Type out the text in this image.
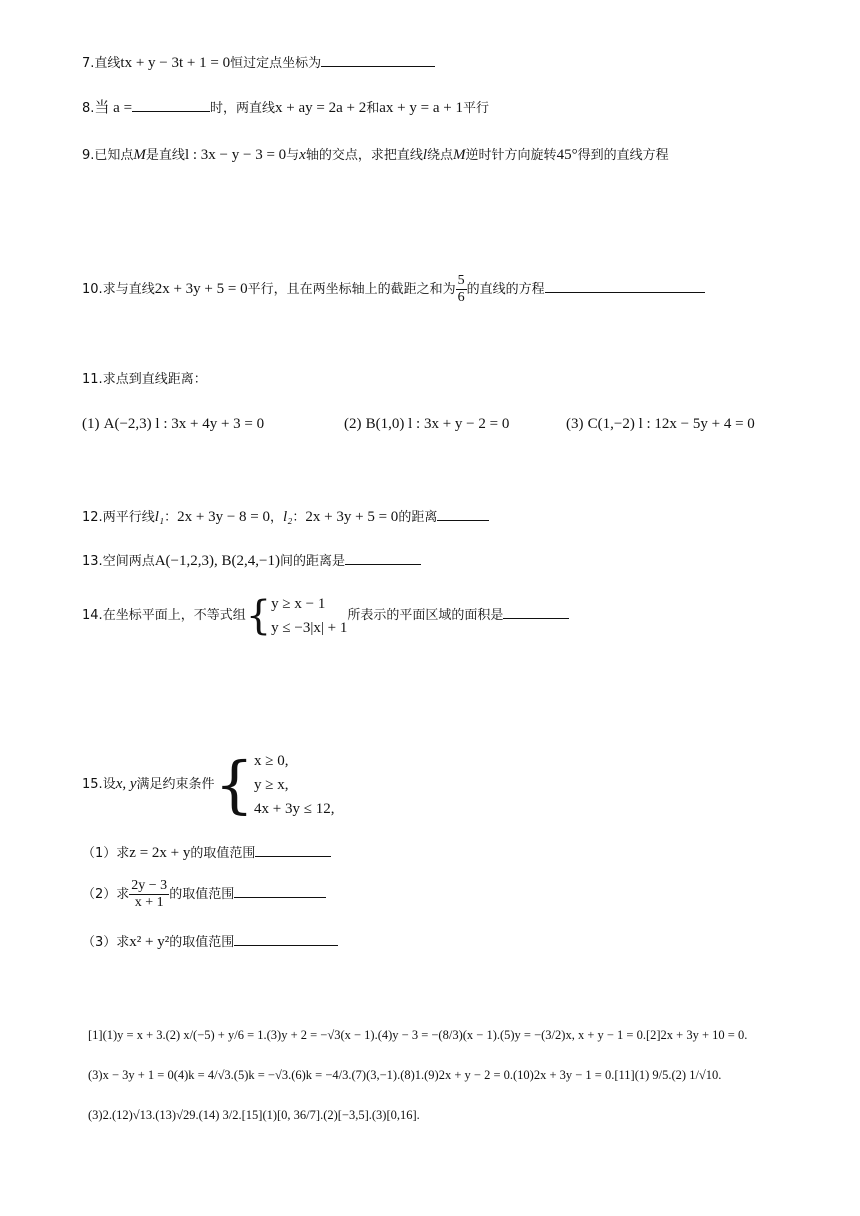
7.直线tx + y − 3t + 1 = 0恒过定点坐标为
8.当 a =	时，两直线x + ay = 2a + 2和ax + y = a + 1平行
9.已知点M是直线l : 3x − y − 3 = 0与x轴的交点，求把直线l绕点M逆时针方向旋转45°得到的直线方程
10.求与直线2x + 3y + 5 = 0平行，且在两坐标轴上的截距之和为 $\frac{5}{6}$ 的直线的方程
11.求点到直线距离：
(1) A(−2,3) l : 3x + 4y + 3 = 0	(2) B(1,0) l : 3x + y − 2 = 0	(3) C(1,−2) l : 12x − 5y + 4 = 0
12.两平行线l₁：2x + 3y − 8 = 0，l₂：2x + 3y + 5 = 0的距离
13.空间两点A(−1,2,3), B(2,4,−1)间的距离是
14.在坐标平面上，不等式组{ y ≥ x − 1
y ≤ −3|x| + 1
所表示的平面区域的面积是
15.设x, y满足约束条件{ x ≥ 0,
y ≥ x,
4x + 3y ≤ 12,
（1）求z = 2x + y的取值范围
（2）求 $\frac{2y - 3}{x + 1}$ 的取值范围
（3）求x² + y²的取值范围
[1](1)y = x + 3.(2) x/(−5) + y/6 = 1.(3)y + 2 = −√3(x − 1).(4)y − 3 = −(8/3)(x − 1).(5)y = −(3/2)x, x + y − 1 = 0.[2]2x + 3y + 10 = 0.
(3)x − 3y + 1 = 0(4)k = 4/√3.(5)k = −√3.(6)k = −4/3.(7)(3,−1).(8)1.(9)2x + y − 2 = 0.(10)2x + 3y − 1 = 0.[11](1) 9/5.(2) 1/√10.
(3)2.(12)√13.(13)√29.(14) 3/2.[15](1)[0, 36/7].(2)[−3,5].(3)[0,16].
